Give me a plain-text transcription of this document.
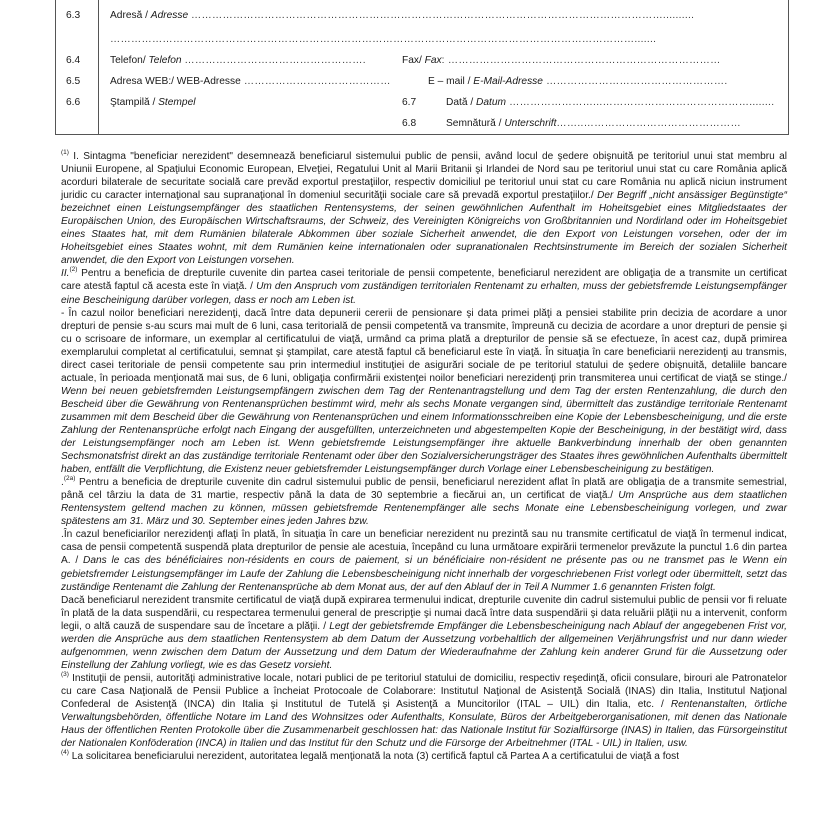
6.3	Adresă / Adresse ………………………………………………………………………………………………………………………..........
…………………………………………………………………………………………………………………………………….......
6.4	Telefon/ Telefon …………………………………………….	Fax/ Fax: ……………………………………………………………………
6.5	Adresa WEB:/ WEB-Adresse ……………………………………	E – mail / E-Mail-Adresse …………………………………………….
6.6	Ştampilă / Stempel	6.7	Dată / Datum ……………………...……………………………………........
6.8	Semnătură / Unterschrift……..………………………………………

$^{(1)}$ I. Sintagma "beneficiar nerezident" desemnează beneficiarul sistemului public de pensii, având locul de şedere obişnuită pe teritoriul unui stat membru al Uniunii Europene, al Spaţiului Economic European, Elveţiei, Regatului Unit al Marii Britanii şi Irlandei de Nord sau pe teritoriul unui stat cu care România aplică acorduri bilaterale de securitate socială care prevăd exportul prestaţiilor, respectiv domiciliul pe teritoriul unui stat cu care România nu aplică niciun instrument juridic cu caracter internaţional sau supranaţional în domeniul securităţii sociale care să prevadă exportul prestaţiilor./ Der Begriff „nicht ansässiger Begünstigte“ bezeichnet einen Leistungsempfänger des staatlichen Rentensystems, der seinen gewöhnlichen Aufenthalt im Hoheitsgebiet eines Mitgliedstaates der Europäischen Union, des Europäischen Wirtschaftsraums, der Schweiz, des Vereinigten Königreichs von Großbritannien und Nordirland oder im Hoheitsgebiet eines Staates hat, mit dem Rumänien bilaterale Abkommen über soziale Sicherheit anwendet, die den Export von Leistungen vorsehen, oder der im Hoheitsgebiet eines Staates wohnt, mit dem Rumänien keine internationalen oder supranationalen Rechtsinstrumente im Bereich der sozialen Sicherheit anwendet, die den Export von Leistungen vorsehen.

II.$^{(2)}$ Pentru a beneficia de drepturile cuvenite din partea casei teritoriale de pensii competente, beneficiarul nerezident are obligaţia de a transmite un certificat care atestă faptul că acesta este în viaţă. / Um den Anspruch vom zuständigen territorialen Rentenamt zu erhalten, muss der gebietsfremde Leistungsempfänger eine Bescheinigung darüber vorlegen, dass er noch am Leben ist.

- În cazul noilor beneficiari nerezidenţi, dacă între data depunerii cererii de pensionare şi data primei plăţi a pensiei stabilite prin decizia de acordare a unor drepturi de pensie s-au scurs mai mult de 6 luni, casa teritorială de pensii competentă va transmite, împreună cu decizia de acordare a unor drepturi de pensie şi cu o scrisoare de informare, un exemplar al certificatului de viaţă, urmând ca prima plată a drepturilor de pensie să se efectueze, în acest caz, după primirea exemplarului completat al certificatului, semnat şi ştampilat, care atestă faptul că beneficiarul este în viaţă. În situaţia în care beneficiarii nerezidenţi au transmis, direct casei teritoriale de pensii competente sau prin intermediul instituţiei de asigurări sociale de pe teritoriul statului de şedere obişnuită, detaliile bancare actuale, în perioada menţionată mai sus, de 6 luni, obligaţia confirmării existenţei noilor beneficiari nerezidenţi prin transmiterea unui certificat de viaţă se stinge./ Wenn bei neuen gebietsfremden Leistungsempfängern zwischen dem Tag der Rentenantragstellung und dem Tag der ersten Rentenzahlung, die durch den Bescheid über die Gewährung von Rentenansprüchen bestimmt wird, mehr als sechs Monate vergangen sind, übermittelt das zuständige territoriale Rentenamt zusammen mit dem Bescheid über die Gewährung von Rentenansprüchen und einem Informationsschreiben eine Kopie der Lebensbescheinigung, und die erste Zahlung der Rentenansprüche erfolgt nach Eingang der ausgefüllten, unterzeichneten und abgestempelten Kopie der Bescheinigung, in der bestätigt wird, dass der Leistungsempfänger noch am Leben ist. Wenn gebietsfremde Leistungsempfänger ihre aktuelle Bankverbindung innerhalb der oben genannten Sechsmonatsfrist direkt an das zuständige territoriale Rentenamt oder über den Sozialversicherungsträger des Staates ihres gewöhnlichen Aufenthalts übermittelt haben, entfällt die Verpflichtung, die Existenz neuer gebietsfremder Leistungsempfänger durch Vorlage einer Lebensbescheinigung zu bestätigen.

.$^{(2a)}$ Pentru a beneficia de drepturile cuvenite din cadrul sistemului public de pensii, beneficiarul nerezident aflat în plată are obligaţia de a transmite semestrial, până cel târziu la data de 31 martie, respectiv până la data de 30 septembrie a fiecărui an, un certificat de viaţă./ Um Ansprüche aus dem staatlichen Rentensystem geltend machen zu können, müssen gebietsfremde Rentenempfänger alle sechs Monate eine Lebensbescheinigung vorlegen, und zwar spätestens am 31. März und 30. September eines jeden Jahres bzw.

.În cazul beneficiarilor nerezidenţi aflaţi în plată, în situaţia în care un beneficiar nerezident nu prezintă sau nu transmite certificatul de viaţă în termenul indicat, casa de pensii competentă suspendă plata drepturilor de pensie ale acestuia, începând cu luna următoare expirării termenelor prevăzute la punctul 1.6 din partea A. / Dans le cas des bénéficiaires non-résidents en cours de paiement, si un bénéficiaire non-résident ne présente pas ou ne transmet pas le Wenn ein gebietsfremder Leistungsempfänger im Laufe der Zahlung die Lebensbescheinigung nicht innerhalb der vorgeschriebenen Frist vorlegt oder übermittelt, setzt das zuständige Rentenamt die Zahlung der Rentenansprüche ab dem Monat aus, der auf den Ablauf der in Teil A Nummer 1.6 genannten Fristen folgt.

Dacă beneficiarul nerezident transmite certificatul de viaţă după expirarea termenului indicat, drepturile cuvenite din cadrul sistemului public de pensii vor fi reluate în plată de la data suspendării, cu respectarea termenului general de prescripţie şi numai dacă între data suspendării şi data reluării plăţii nu a intervenit, conform legii, o altă cauză de suspendare sau de încetare a plăţii. / Legt der gebietsfremde Empfänger die Lebensbescheinigung nach Ablauf der angegebenen Frist vor, werden die Ansprüche aus dem staatlichen Rentensystem ab dem Datum der Aussetzung vorbehaltlich der allgemeinen Verjährungsfrist und nur dann wieder aufgenommen, wenn zwischen dem Datum der Aussetzung und dem Datum der Wiederaufnahme der Zahlung kein anderer Grund für die Aussetzung oder Einstellung der Zahlung vorliegt, wie es das Gesetz vorsieht.

$^{(3)}$ Instituţii de pensii, autorităţi administrative locale, notari publici de pe teritoriul statului de domiciliu, respectiv reşedinţă, oficii consulare, birouri ale Patronatelor cu care Casa Naţională de Pensii Publice a încheiat Protocoale de Colaborare: Institutul Naţional de Asistenţă Socială (INAS) din Italia, Institutul Naţional Confederal de Asistenţă (INCA) din Italia şi Institutul de Tutelă şi Asistenţă a Muncitorilor (ITAL – UIL) din Italia, etc. / Rentenanstalten, örtliche Verwaltungsbehörden, öffentliche Notare im Land des Wohnsitzes oder Aufenthalts, Konsulate, Büros der Arbeitgeberorganisationen, mit denen das Nationale Haus der öffentlichen Renten Protokolle über die Zusammenarbeit geschlossen hat: das Nationale Institut für Sozialfürsorge (INAS) in Italien, das Fürsorgeinstitut der Nationalen Konföderation (INCA) in Italien und das Institut für den Schutz und die Fürsorge der Arbeitnehmer (ITAL - UIL) in Italien, usw.

$^{(4)}$ La solicitarea beneficiarului nerezident, autoritatea legală menţionată la nota (3) certifică faptul că Partea A a certificatului de viaţă a fost
